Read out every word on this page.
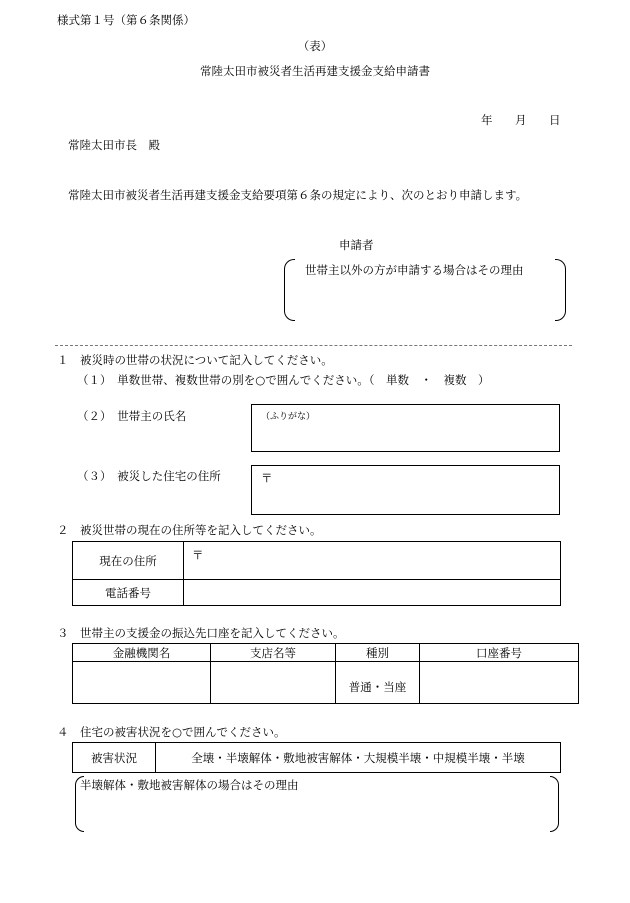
様式第１号（第６条関係）
（表）
常陸太田市被災者生活再建支援金支給申請書
年 月 日
常陸太田市長　殿
常陸太田市被災者生活再建支援金支給要項第６条の規定により、次のとおり申請します。
申請者
世帯主以外の方が申請する場合はその理由
１　被災時の世帯の状況について記入してください。
（１）　単数世帯、複数世帯の別を○で囲んでください。（　単数　・　複数　）
（２）　世帯主の氏名	（ふりがな）
（３）　被災した住宅の住所	〒
２　被災世帯の現在の住所等を記入してください。
現在の住所	〒
電話番号	
３　世帯主の支援金の振込先口座を記入してください。
金融機関名	支店名等	種別	口座番号
		普通・当座	
４　住宅の被害状況を○で囲んでください。
被害状況	全壊・半壊解体・敷地被害解体・大規模半壊・中規模半壊・半壊
半壊解体・敷地被害解体の場合はその理由
